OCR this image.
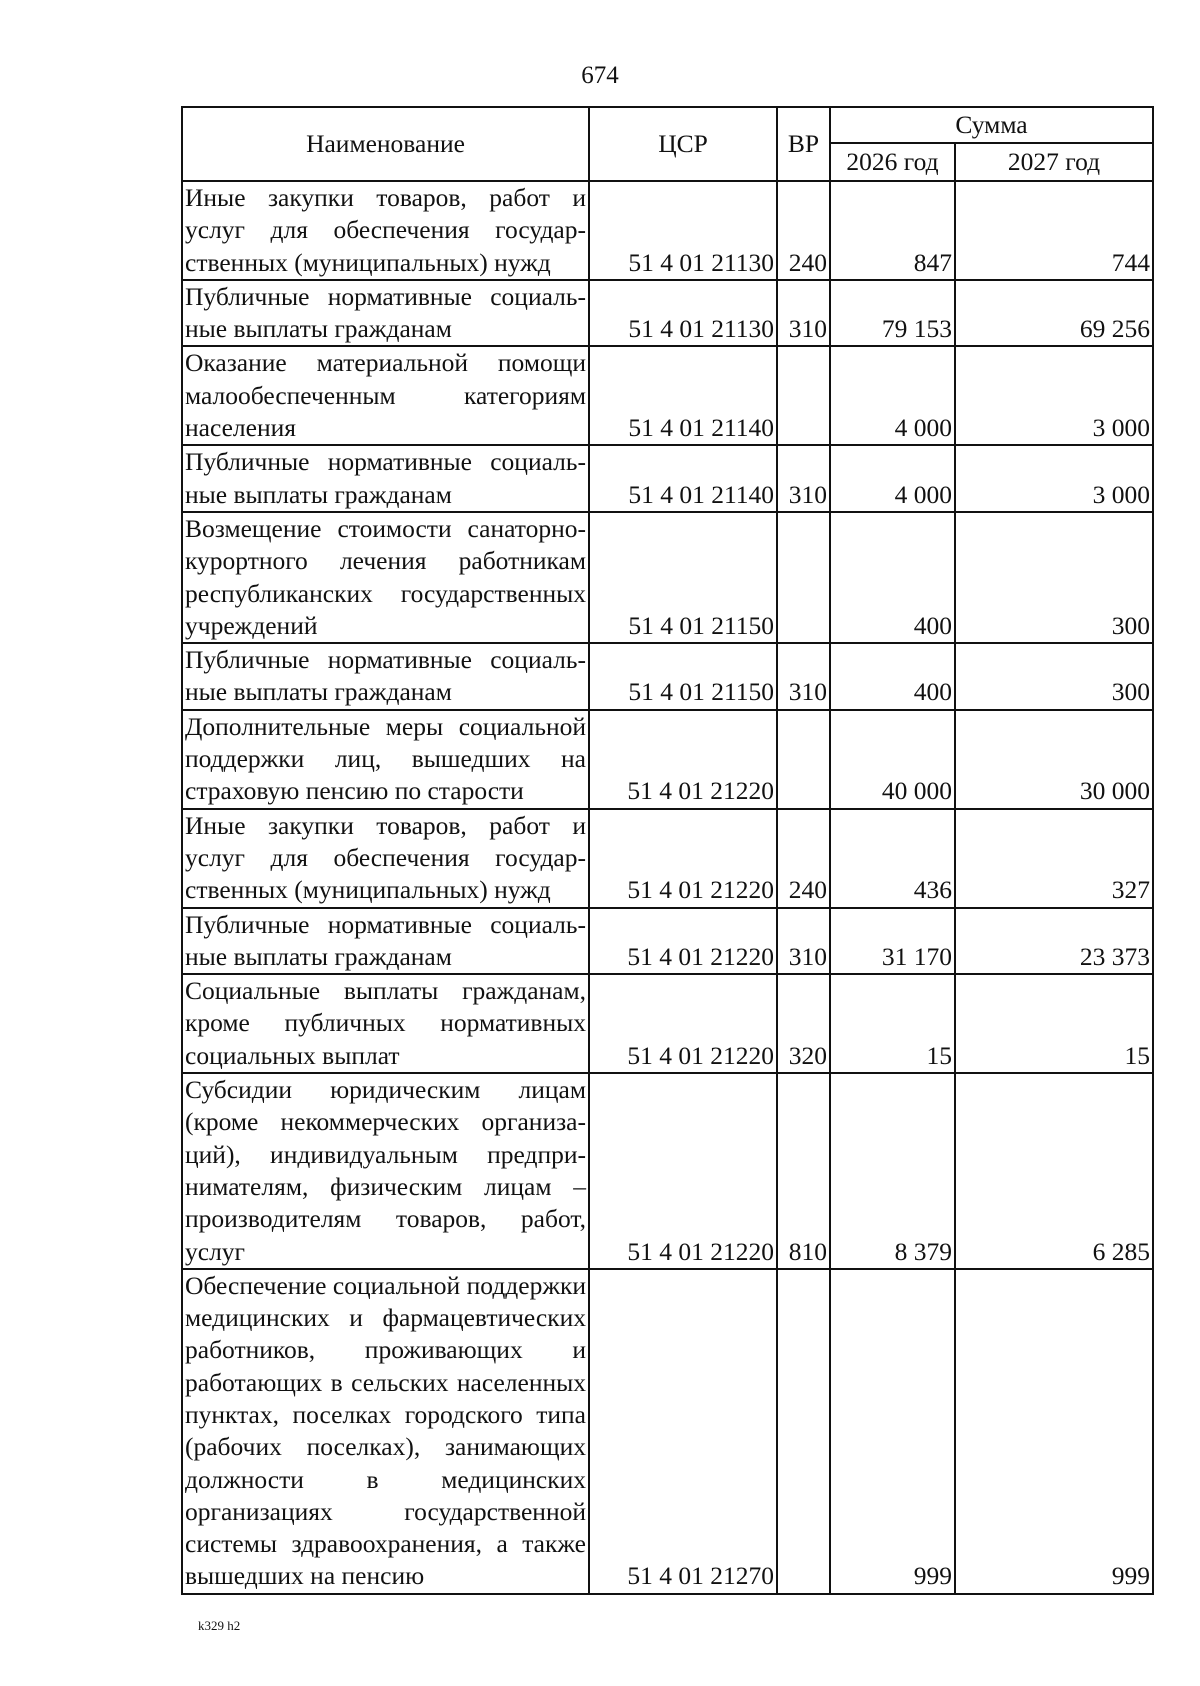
674
Наименование	ЦСР	ВР	Сумма	
			2026 год	2027 год
Иные закупки товаров, работ и услуг для обеспечения государственных (муниципальных) нужд	51 4 01 21130	240	847	744
Публичные нормативные социальные выплаты гражданам	51 4 01 21130	310	79 153	69 256
Оказание материальной помощи малообеспеченным категориям населения	51 4 01 21140		4 000	3 000
Публичные нормативные социальные выплаты гражданам	51 4 01 21140	310	4 000	3 000
Возмещение стоимости санаторно-курортного лечения работникам республиканских государственных учреждений	51 4 01 21150		400	300
Публичные нормативные социальные выплаты гражданам	51 4 01 21150	310	400	300
Дополнительные меры социальной поддержки лиц, вышедших на страховую пенсию по старости	51 4 01 21220		40 000	30 000
Иные закупки товаров, работ и услуг для обеспечения государственных (муниципальных) нужд	51 4 01 21220	240	436	327
Публичные нормативные социальные выплаты гражданам	51 4 01 21220	310	31 170	23 373
Социальные выплаты гражданам, кроме публичных нормативных социальных выплат	51 4 01 21220	320	15	15
Субсидии юридическим лицам (кроме некоммерческих организаций), индивидуальным предпринимателям, физическим лицам – производителям товаров, работ, услуг	51 4 01 21220	810	8 379	6 285
Обеспечение социальной поддержки медицинских и фармацевтических работников, проживающих и работающих в сельских населенных пунктах, поселках городского типа (рабочих поселках), занимающих должности в медицинских организациях государственной системы здравоохранения, а также вышедших на пенсию	51 4 01 21270		999	999
k329 h2
